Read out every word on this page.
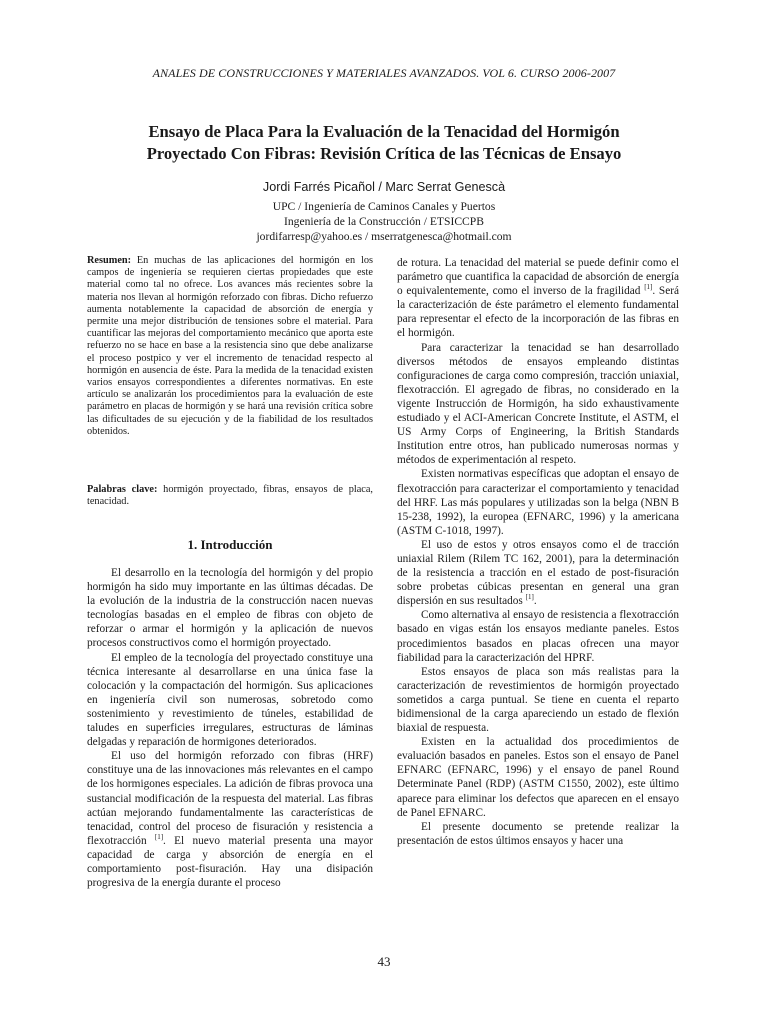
ANALES DE CONSTRUCCIONES Y MATERIALES AVANZADOS. VOL 6. CURSO 2006-2007
Ensayo de Placa Para la Evaluación de la Tenacidad del Hormigón
Proyectado Con Fibras: Revisión Crítica de las Técnicas de Ensayo
Jordi Farrés Picañol / Marc Serrat Genescà
UPC / Ingeniería de Caminos Canales y Puertos
Ingeniería de la Construcción / ETSICCPB
jordifarresp@yahoo.es / mserratgenesca@hotmail.com

Resumen: En muchas de las aplicaciones del hormigón en los campos de ingeniería se requieren ciertas propiedades que este material como tal no ofrece. Los avances más recientes sobre la materia nos llevan al hormigón reforzado con fibras. Dicho refuerzo aumenta notablemente la capacidad de absorción de energía y permite una mejor distribución de tensiones sobre el material. Para cuantificar las mejoras del comportamiento mecánico que aporta este refuerzo no se hace en base a la resistencia sino que debe analizarse el proceso postpico y ver el incremento de tenacidad respecto al hormigón en ausencia de éste. Para la medida de la tenacidad existen varios ensayos correspondientes a diferentes normativas. En este artículo se analizarán los procedimientos para la evaluación de este parámetro en placas de hormigón y se hará una revisión crítica sobre las dificultades de su ejecución y de la fiabilidad de los resultados obtenidos.

Palabras clave: hormigón proyectado, fibras, ensayos de placa, tenacidad.

1. Introducción

El desarrollo en la tecnología del hormigón y del propio hormigón ha sido muy importante en las últimas décadas. De la evolución de la industria de la construcción nacen nuevas tecnologías basadas en el empleo de fibras con objeto de reforzar o armar el hormigón y la aplicación de nuevos procesos constructivos como el hormigón proyectado.

El empleo de la tecnología del proyectado constituye una técnica interesante al desarrollarse en una única fase la colocación y la compactación del hormigón. Sus aplicaciones en ingeniería civil son numerosas, sobretodo como sostenimiento y revestimiento de túneles, estabilidad de taludes en superficies irregulares, estructuras de láminas delgadas y reparación de hormigones deteriorados.

El uso del hormigón reforzado con fibras (HRF) constituye una de las innovaciones más relevantes en el campo de los hormigones especiales. La adición de fibras provoca una sustancial modificación de la respuesta del material. Las fibras actúan mejorando fundamentalmente las características de tenacidad, control del proceso de fisuración y resistencia a flexotracción [1]. El nuevo material presenta una mayor capacidad de carga y absorción de energía en el comportamiento post-fisuración. Hay una disipación progresiva de la energía durante el proceso

de rotura. La tenacidad del material se puede definir como el parámetro que cuantifica la capacidad de absorción de energía o equivalentemente, como el inverso de la fragilidad [1]. Será la caracterización de éste parámetro el elemento fundamental para representar el efecto de la incorporación de las fibras en el hormigón.

Para caracterizar la tenacidad se han desarrollado diversos métodos de ensayos empleando distintas configuraciones de carga como compresión, tracción uniaxial, flexotracción. El agregado de fibras, no considerado en la vigente Instrucción de Hormigón, ha sido exhaustivamente estudiado y el ACI-American Concrete Institute, el ASTM, el US Army Corps of Engineering, la British Standards Institution entre otros, han publicado numerosas normas y métodos de experimentación al respeto.

Existen normativas específicas que adoptan el ensayo de flexotracción para caracterizar el comportamiento y tenacidad del HRF. Las más populares y utilizadas son la belga (NBN B 15-238, 1992), la europea (EFNARC, 1996) y la americana (ASTM C-1018, 1997).

El uso de estos y otros ensayos como el de tracción uniaxial Rilem (Rilem TC 162, 2001), para la determinación de la resistencia a tracción en el estado de post-fisuración sobre probetas cúbicas presentan en general una gran dispersión en sus resultados [1].

Como alternativa al ensayo de resistencia a flexotracción basado en vigas están los ensayos mediante paneles. Estos procedimientos basados en placas ofrecen una mayor fiabilidad para la caracterización del HPRF.

Estos ensayos de placa son más realistas para la caracterización de revestimientos de hormigón proyectado sometidos a carga puntual. Se tiene en cuenta el reparto bidimensional de la carga apareciendo un estado de flexión biaxial de respuesta.

Existen en la actualidad dos procedimientos de evaluación basados en paneles. Estos son el ensayo de Panel EFNARC (EFNARC, 1996) y el ensayo de panel Round Determinate Panel (RDP) (ASTM C1550, 2002), este último aparece para eliminar los defectos que aparecen en el ensayo de Panel EFNARC.

El presente documento se pretende realizar la presentación de estos últimos ensayos y hacer una

43
